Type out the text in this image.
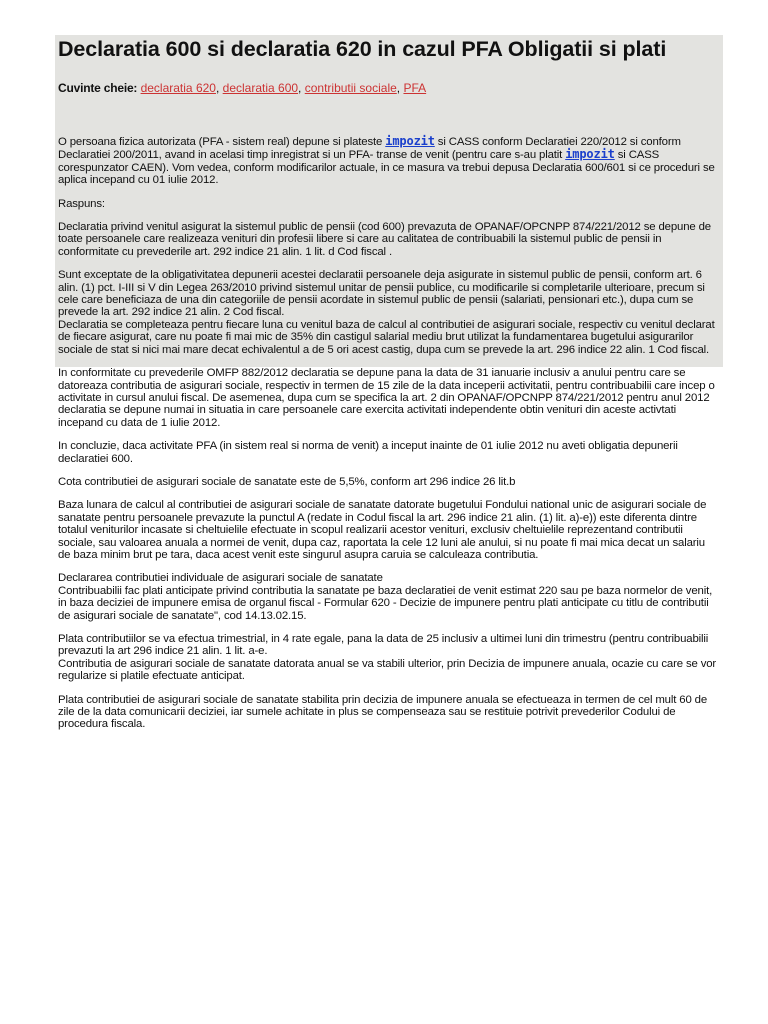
Declaratia 600 si declaratia 620 in cazul PFA Obligatii si plati
Cuvinte cheie: declaratia 620, declaratia 600, contributii sociale, PFA

O persoana fizica autorizata (PFA - sistem real) depune si plateste impozit si CASS conform Declaratiei 220/2012 si conform Declaratiei 200/2011, avand in acelasi timp inregistrat si un PFA- transe de venit (pentru care s-au platit impozit si CASS corespunzator CAEN). Vom vedea, conform modificarilor actuale, in ce masura va trebui depusa Declaratia 600/601 si ce proceduri se aplica incepand cu 01 iulie 2012.

Raspuns:

Declaratia privind venitul asigurat la sistemul public de pensii (cod 600) prevazuta de OPANAF/OPCNPP 874/221/2012 se depune de toate persoanele care realizeaza venituri din profesii libere si care au calitatea de contribuabili la sistemul public de pensii in conformitate cu prevederile art. 292 indice 21 alin. 1 lit. d Cod fiscal .

Sunt exceptate de la obligativitatea depunerii acestei declaratii persoanele deja asigurate in sistemul public de pensii, conform art. 6 alin. (1) pct. I-III si V din Legea 263/2010 privind sistemul unitar de pensii publice, cu modificarile si completarile ulterioare, precum si cele care beneficiaza de una din categoriile de pensii acordate in sistemul public de pensii (salariati, pensionari etc.), dupa cum se prevede la art. 292 indice 21 alin. 2 Cod fiscal.

Declaratia se completeaza pentru fiecare luna cu venitul baza de calcul al contributiei de asigurari sociale, respectiv cu venitul declarat de fiecare asigurat, care nu poate fi mai mic de 35% din castigul salarial mediu brut utilizat la fundamentarea bugetului asigurarilor sociale de stat si nici mai mare decat echivalentul a de 5 ori acest castig, dupa cum se prevede la art. 296 indice 22 alin. 1 Cod fiscal.

In conformitate cu prevederile OMFP 882/2012 declaratia se depune pana la data de 31 ianuarie inclusiv a anului pentru care se datoreaza contributia de asigurari sociale, respectiv in termen de 15 zile de la data inceperii activitatii, pentru contribuabilii care incep o activitate in cursul anului fiscal. De asemenea, dupa cum se specifica la art. 2 din OPANAF/OPCNPP 874/221/2012 pentru anul 2012 declaratia se depune numai in situatia in care persoanele care exercita activitati independente obtin venituri din aceste activtati incepand cu data de 1 iulie 2012.

In concluzie, daca activitate PFA (in sistem real si norma de venit) a inceput inainte de 01 iulie 2012 nu aveti obligatia depunerii declaratiei 600.

Cota contributiei de asigurari sociale de sanatate este de 5,5%, conform art 296 indice 26 lit.b

Baza lunara de calcul al contributiei de asigurari sociale de sanatate datorate bugetului Fondului national unic de asigurari sociale de sanatate pentru persoanele prevazute la punctul A (redate in Codul fiscal la art. 296 indice 21 alin. (1) lit. a)-e)) este diferenta dintre totalul veniturilor incasate si cheltuielile efectuate in scopul realizarii acestor venituri, exclusiv cheltuielile reprezentand contributii sociale, sau valoarea anuala a normei de venit, dupa caz, raportata la cele 12 luni ale anului, si nu poate fi mai mica decat un salariu de baza minim brut pe tara, daca acest venit este singurul asupra caruia se calculeaza contributia.

Declararea contributiei individuale de asigurari sociale de sanatate

Contribuabilii fac plati anticipate privind contributia la sanatate pe baza declaratiei de venit estimat 220 sau pe baza normelor de venit, in baza deciziei de impunere emisa de organul fiscal - Formular 620 - Decizie de impunere pentru plati anticipate cu titlu de contributii de asigurari sociale de sanatate", cod 14.13.02.15.

Plata contributiilor se va efectua trimestrial, in 4 rate egale, pana la data de 25 inclusiv a ultimei luni din trimestru (pentru contribuabilii prevazuti la art 296 indice 21 alin. 1 lit. a-e.

Contributia de asigurari sociale de sanatate datorata anual se va stabili ulterior, prin Decizia de impunere anuala, ocazie cu care se vor regularize si platile efectuate anticipat.

Plata contributiei de asigurari sociale de sanatate stabilita prin decizia de impunere anuala se efectueaza in termen de cel mult 60 de zile de la data comunicarii deciziei, iar sumele achitate in plus se compenseaza sau se restituie potrivit prevederilor Codului de procedura fiscala.
